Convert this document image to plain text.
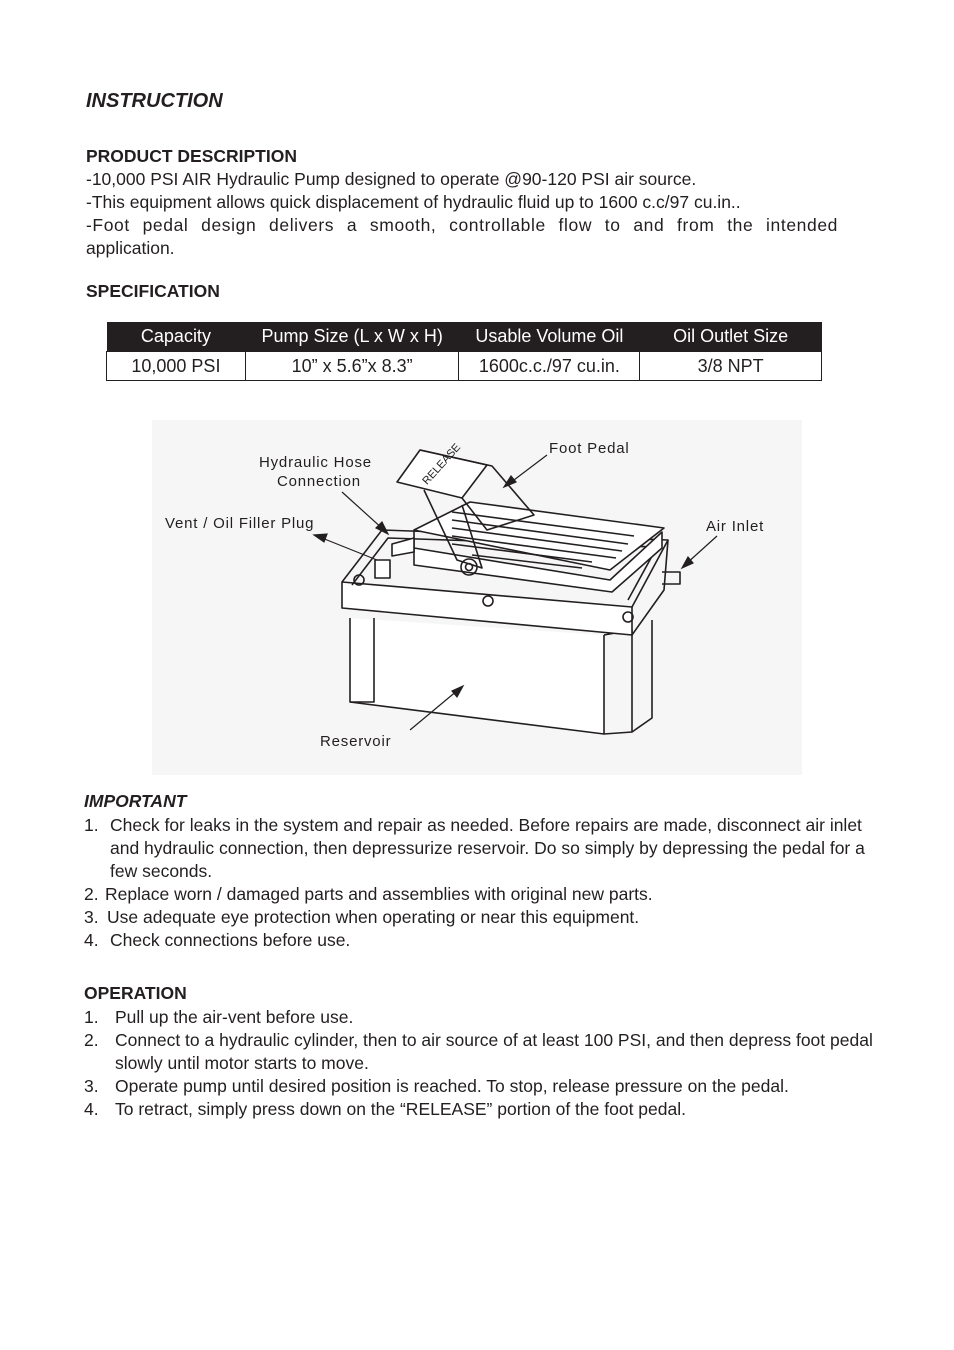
INSTRUCTION
PRODUCT DESCRIPTION
-10,000 PSI AIR Hydraulic Pump designed to operate @90-120 PSI air source.
-This equipment allows quick displacement of hydraulic fluid up to 1600 c.c/97 cu.in..
-Foot pedal design delivers a smooth, controllable flow to and from the intended
application.
SPECIFICATION
Capacity	Pump Size (L x W x H)	Usable Volume Oil	Oil Outlet Size
10,000 PSI	10” x 5.6”x 8.3”	1600c.c./97 cu.in.	3/8 NPT
RELEASE
Hydraulic Hose
Connection
Foot Pedal
Vent / Oil Filler Plug	Air Inlet
Reservoir
IMPORTANT
1. Check for leaks in the system and repair as needed. Before repairs are made, disconnect air inlet and hydraulic connection, then depressurize reservoir. Do so simply by depressing the pedal for a few seconds.
2. Replace worn / damaged parts and assemblies with original new parts.
3. Use adequate eye protection when operating or near this equipment.
4. Check connections before use.
OPERATION
1. Pull up the air-vent before use.
2. Connect to a hydraulic cylinder, then to air source of at least 100 PSI, and then depress foot pedal slowly until motor starts to move.
3. Operate pump until desired position is reached. To stop, release pressure on the pedal.
4. To retract, simply press down on the “RELEASE” portion of the foot pedal.
